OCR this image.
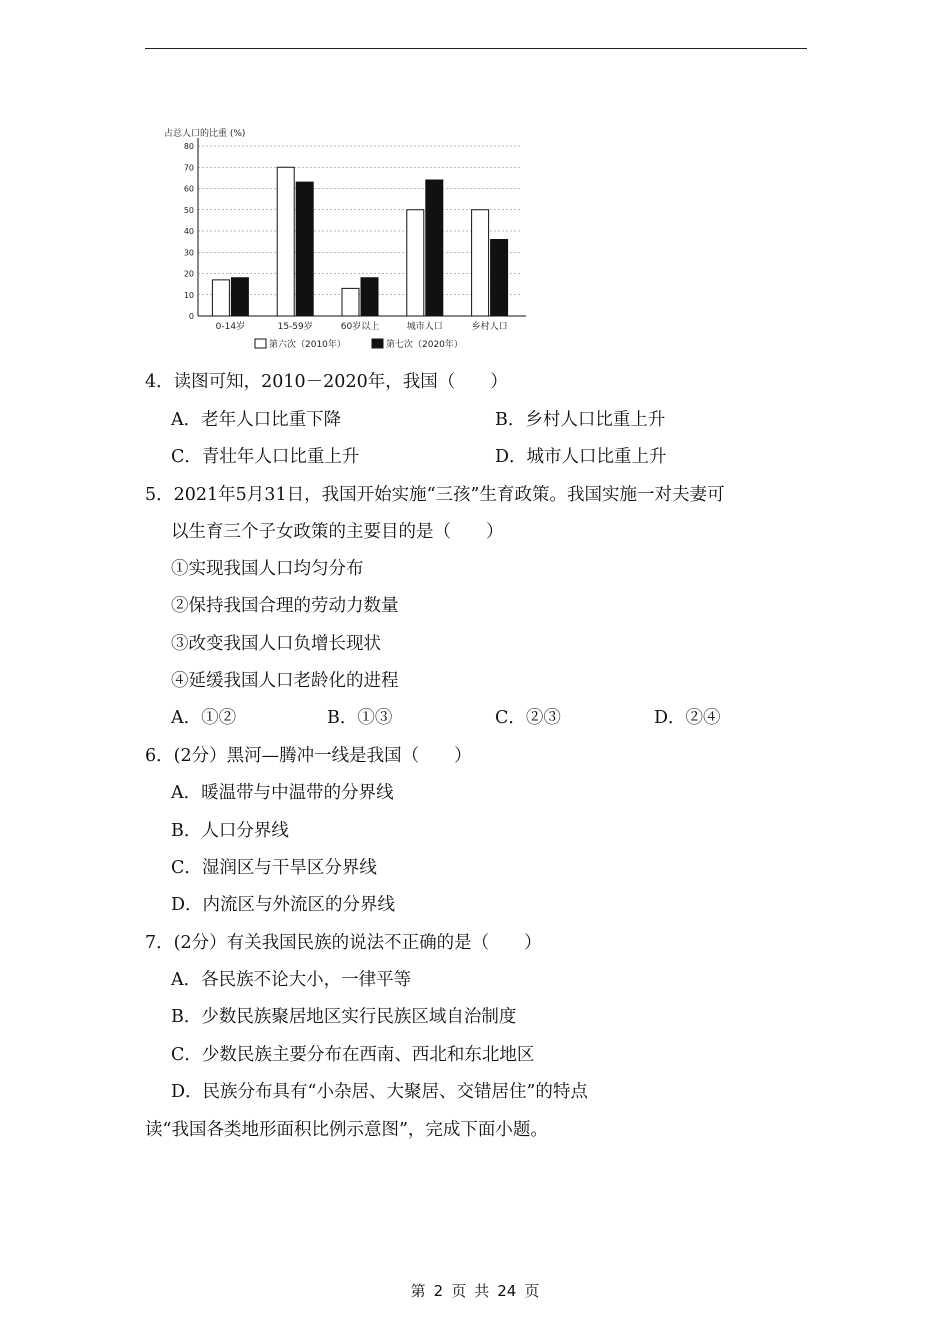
占总人口的比重 (%)
0
10
20
30
40
50
60
70
80
0-14岁	15-59岁	60岁以上	城市人口	乡村人口
第六次（2010年）	第七次（2020年）
4．读图可知，2010－2020年，我国（　　）
A．老年人口比重下降	B．乡村人口比重上升
C．青壮年人口比重上升	D．城市人口比重上升
5．2021年5月31日，我国开始实施“三孩”生育政策。我国实施一对夫妻可
以生育三个子女政策的主要目的是（　　）
①实现我国人口均匀分布
②保持我国合理的劳动力数量
③改变我国人口负增长现状
④延缓我国人口老龄化的进程
A．①②	B．①③	C．②③	D．②④
6．(2分）黑河—腾冲一线是我国（　　）
A．暖温带与中温带的分界线
B．人口分界线
C．湿润区与干旱区分界线
D．内流区与外流区的分界线
7．(2分）有关我国民族的说法不正确的是（　　）
A．各民族不论大小，一律平等
B．少数民族聚居地区实行民族区域自治制度
C．少数民族主要分布在西南、西北和东北地区
D．民族分布具有“小杂居、大聚居、交错居住”的特点
读“我国各类地形面积比例示意图”，完成下面小题。
第 2 页 共 24 页
